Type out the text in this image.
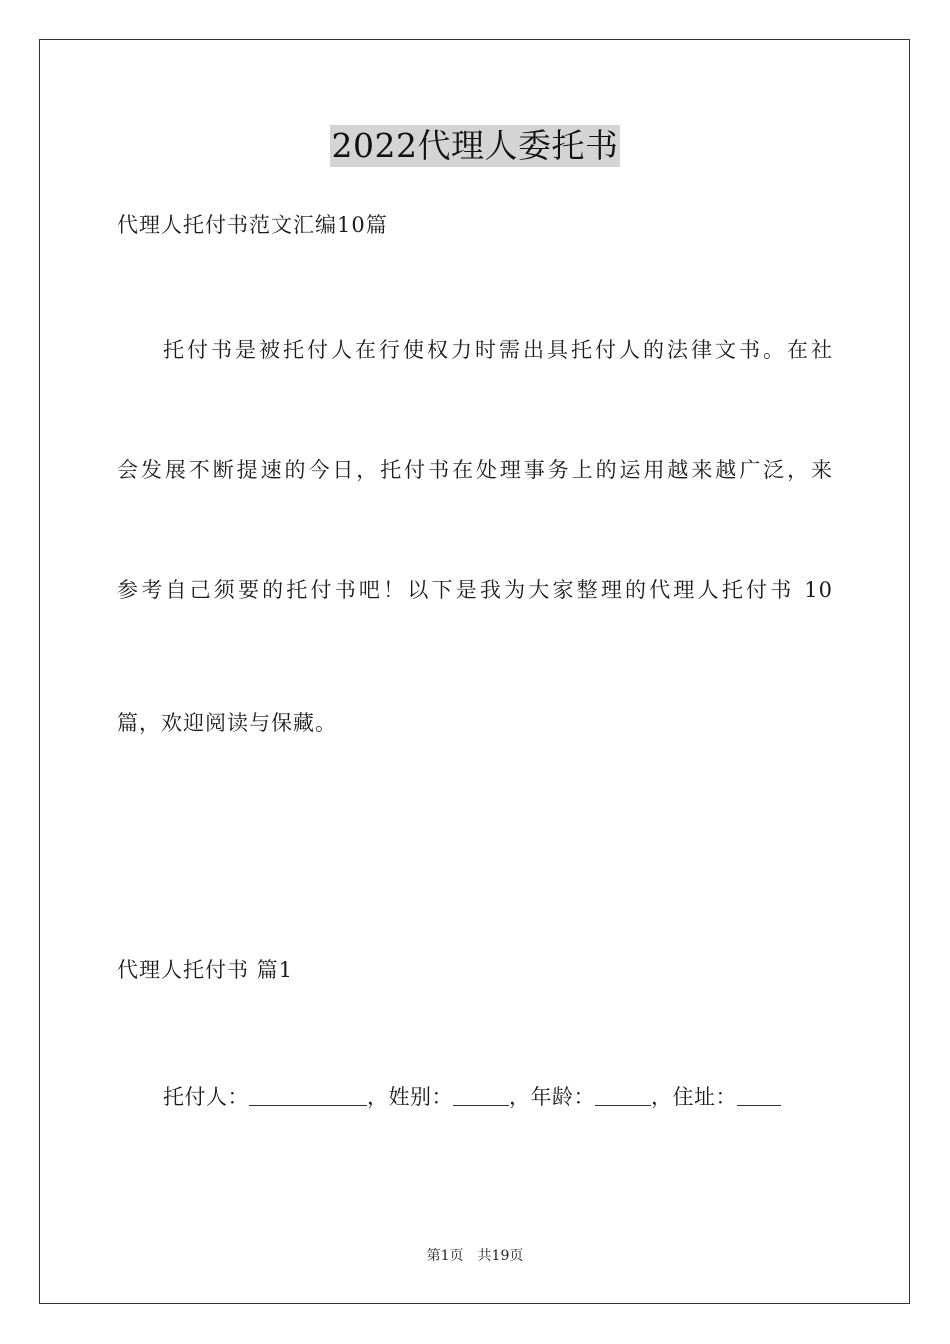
2022代理人委托书
代理人托付书范文汇编10篇
托付书是被托付人在行使权力时需出具托付人的法律文书。在社
会发展不断提速的今日，托付书在处理事务上的运用越来越广泛，来
参考自己须要的托付书吧！以下是我为大家整理的代理人托付书 10
篇，欢迎阅读与保藏。
代理人托付书 篇1
托付人：	，姓别：	，年龄：	，住址：
第1页 共19页
